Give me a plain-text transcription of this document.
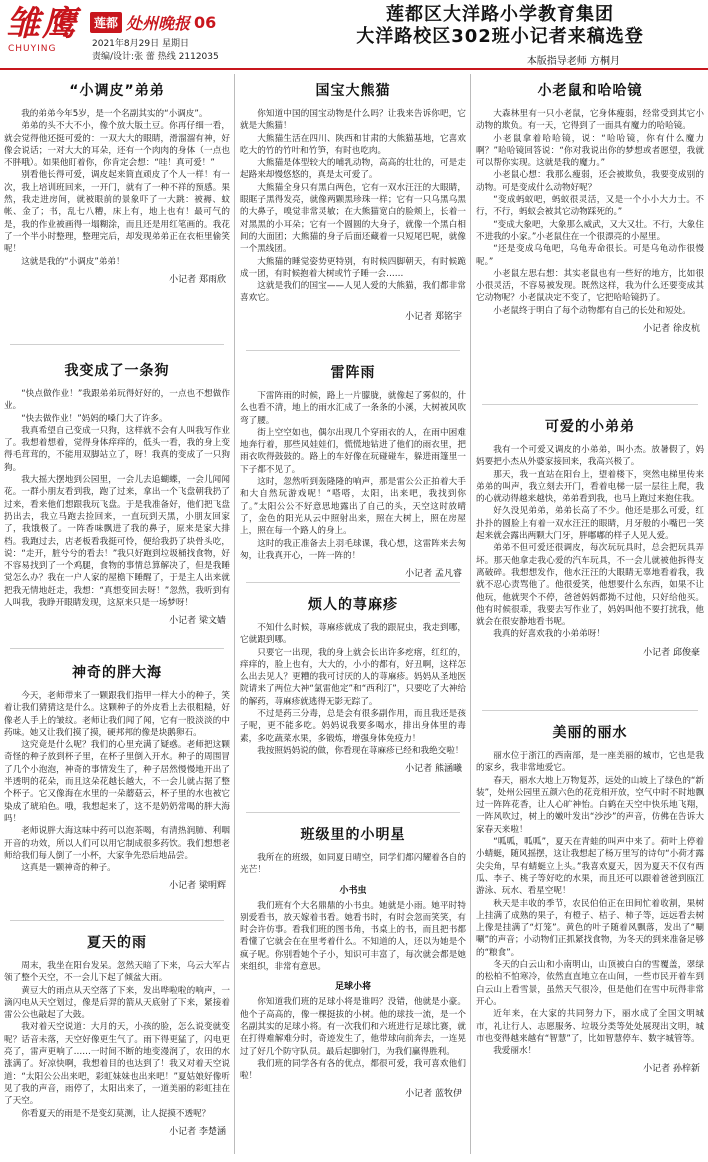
雏鹰
CHUYING
莲都 处州晚报 06
2021年8月29日 星期日
责编/设计:张 蕾 热线 2112035
莲都区大洋路小学教育集团
大洋路校区302班小记者来稿选登
本版指导老师 方桐月
“小调皮”弟弟

我的弟弟今年5岁，是一个名副其实的“小调皮”。

弟弟的头不大不小，像个放大版土豆。你再仔细一看，就会觉得他还挺可爱的：一双大大的眼睛，滑溜溜有神，好像会说话；一对大大的耳朵，还有一个肉肉的身体（一点也不胖哦）。如果他盯着你，你肯定会想：“哇！真可爱！”

别看他长得可爱，调皮起来简直顽皮了个人一样！有一次，我上培训班回来，一开门，就有了一种不祥的预感。果然，我走进房间，就被眼前的景象吓了一大跳：被褥、蚊帐、金了；书，乱七八糟，床上有，地上也有！最可气的是，我的作业被画得一塌糊涂，而且还是用红笔画的。我花了一个半小时整理，整理完后，却发现弟弟正在衣柜里偷笑呢！

这就是我的“小调皮”弟弟！

小记者 郑雨欣
我变成了一条狗

“快点做作业！”我跟弟弟玩得好好的，一点也不想做作业。

“快去做作业！”妈妈的嗓门大了许多。

我真希望自己变成一只狗，这样就不会有人叫我写作业了。我想着想着，觉得身体痒痒的，低头一看，我的身上变得毛茸茸的，不能用双脚站立了，呀！我真的变成了一只狗狗。

我大摇大摆地到公园里，一会儿去追蝴蝶，一会儿闻闻花。一群小朋友看到我，跑了过来，拿出一个飞盘朝我扔了过来，看来他们想跟我玩飞盘。于是我准备好，他们把飞盘扔出去，我立马跑去捡回来，一直玩到天黑，小朋友回家了，我饿极了。一阵香味飘进了我的鼻子，原来是家大排档。我跑过去，店老板看我挺可怜，便给我扔了块骨头吃，说：“走开，脏兮兮的看去！”我只好跑到垃圾桶找食物，好不容易找到了一个鸡腿，食物的事情总算解决了，但是我睡觉怎么办？我在一户人家的屋檐下睡醒了，于是主人出来就把我无情地赶走，我想：“真想变回去呀！”忽然，我听到有人叫我，我睁开眼睛发现，这原来只是一场梦呀！

小记者 梁文嫱
神奇的胖大海

今天，老师带来了一颗跟我们指甲一样大小的种子，笑着让我们猜猜这是什么。这颗种子的外皮看上去很粗糙，好像老人手上的皱纹。老师让我们闻了闻，它有一股淡淡的中药味。她又让我们摸了摸，硬邦邦的像是块鹅卵石。

这究竟是什么呢？我们的心里充满了疑惑。老师把这颗奇怪的种子放到杯子里，在杯子里倒入开水。种子的周围冒了几个小泡泡，神奇的事情发生了，种子居然慢慢地开出了半透明的花朵，而且这朵花越长越大，不一会儿就占据了整个杯子。它又像海在水里的一朵蘑菇云，杯子里的水也被它染成了琥珀色。哦，我想起来了，这不是奶奶常喝的胖大海吗！

老师说胖大海这味中药可以泡茶喝，有清热润肺、利咽开音的功效，所以人们可以用它制成很多药饮。我们想想老师给我们每人倒了一小杯，大家争先恐后地品尝。

这真是一颗神奇的种子。

小记者 梁明辉
夏天的雨

周末，我坐在阳台发呆。忽然天暗了下来，乌云大军占领了整个天空，不一会儿下起了倾盆大雨。

黄豆大的雨点从天空落了下来，发出哗啦啦的响声，一滴闪电从天空划过，像是后羿的箭从天底射了下来，紧接着雷公公也敲起了大鼓。

我对着天空说道：大月的天，小孩的脸，怎么说变就变呢？话音未落，天空好像更生气了。雨下得更猛了，闪电更亮了，雷声更响了……一时间不断的地变漫润了，农田的水涨满了。好凉快啊，我想着目的也达到了！我又对着天空说道：“太阳公公出来吧，彩虹妹妹也出来吧！”夏姑娘好像听见了我的声音，雨停了，太阳出来了，一道美丽的彩虹挂在了天空。

你看夏天的雨是不是变幻莫测，让人捉摸不透呢？

小记者 李楚涵
国宝大熊猫

你知道中国的国宝动物是什么吗？让我来告诉你吧，它就是大熊猫！

大熊猫生活在四川、陕西和甘肃的大熊猫基地，它喜欢吃大的竹的竹叶和竹笋，有时也吃肉。

大熊猫是体型较大的哺乳动物，高高的壮壮的，可是走起路来却慢悠悠的，真是太可爱了。

大熊猫全身只有黑白两色，它有一双水汪汪的大眼睛，眼眶子黑得发亮，就像两颗黑珍珠一样；它有一只乌黑乌黑的大鼻子，嗅觉非常灵敏；在大熊猫宽白的脸颊上，长着一对黑黑的小耳朵；它有一个圆圆的大身子，就像一个黑白相间的大面团；大熊猫的身子后面还藏着一只短尾巴呢，就像一个黑线团。

大熊猫的睡觉姿势更特别，有时候四脚朝天，有时候跪成一团，有时候抱着大树或竹子睡一会……

这就是我们的国宝——人见人爱的大熊猫，我们都非常喜欢它。

小记者 郑铭宇
雷阵雨

下雷阵雨的时候，路上一片朦胧，就像起了雾似的，什么也看不清，地上的雨水汇成了一条条的小溪，大树被风吹弯了腰。

街上空空如也，偶尔出现几个穿雨衣的人，在雨中困难地奔行着，那些风娃娃们，慌慌地钻进了他们的雨衣里，把雨衣吹得鼓鼓的。路上的车好像在玩碰碰车，躲进雨篷里一下子都不见了。

这时，忽然听到轰隆隆的响声，那是雷公公正拍着大手和大自然玩游戏呢！“嗒嗒，太阳，出来吧，我找到你了。”太阳公公不好意思地露出了自己的头，天空这时放晴了，金色的阳光从云中照射出来，照在大树上，照在房屋上，照在每一个路人的身上。

这时的我正准备去上羽毛球课，我心想，这雷阵来去匆匆，让我真开心，一阵一阵的！

小记者 孟凡睿
烦人的荨麻疹

不知什么时候，荨麻疹就成了我的跟屁虫，我走到哪，它就跟到哪。

只要它一出现，我的身上就会长出许多疙瘩，红红的，痒痒的，脸上也有，大大的，小小的都有，好丑啊，这样怎么出去见人？更糟的我可讨厌的人的荨麻疹。妈妈从圣地医院请来了两位大神“氯雷他定”和“西利汀”，只要吃了大神给的解药，荨麻疹就逃得无影无踪了。

不过是药三分毒，总是会有很多副作用，而且我还是孩子呢，更不能多吃。妈妈说我要多喝水，排出身体里的毒素，多吃蔬菜水果，多锻炼，增强身体免疫力！

我按照妈妈说的做，你看现在荨麻疹已经和我绝交啦！

小记者 熊涵曦
班级里的小明星

我所在的班级，如同夏日晴空，同学们都闪耀着各自的光芒！

小书虫

我们班有个大名鼎鼎的小书虫。她就是小雨。她平时特别爱看书，放天嫁着书看。她看书时，有时会忽而笑笑，有时会许仿事。看我们班的图书角，书桌上的书，而且把书都看懂了它就会在在里考着什么。不知道的人，还以为她是个疯子呢。你别看她个子小，知识可丰富了，每次就会都是她来组织，非常有意思。

足球小将

你知道我们班的足球小将是谁吗？没错，他就是小豪。他个子高高的，像一棵挺拔的小树。他的球技一流，是一个名副其实的足球小将。有一次我们和六班进行足球比赛，就在打得难解难分时，奇迹发生了，他带球向前奔去，一连晃过了好几个防守队员。最后起脚射门，为我们赢得胜利。

我们班的同学各有各的优点，都很可爱，我可喜欢他们啦！

小记者 蓝牧伊
小老鼠和哈哈镜

大森林里有一只小老鼠，它身体瘦弱，经常受到其它小动物的欺负。有一天，它得到了一面具有魔力的哈哈镜。

小老鼠拿着哈哈镜，说：“哈哈镜，你有什么魔力啊？”哈哈镜回答说：“你对我说出你的梦想或者愿望，我就可以帮你实现。这就是我的魔力。”

小老鼠心想：我那么瘦弱，还会被欺负，我要变成别的动物。可是变成什么动物好呢？

“变成蚂蚁吧，蚂蚁很灵活，又是一个小小大力士。不行，不行，蚂蚁会被其它动物踩死的。”

“变成大象吧，大象那么威武，又大又壮。不行，大象住不进我的小家。”小老鼠住在一个很漂亮的小屋里。

“还是变成乌龟吧，乌龟寿命很长。可是乌龟动作很慢呢。”

小老鼠左思右想：其实老鼠也有一些好的地方，比如很小很灵活，不容易被发现。既然这样，我为什么还要变成其它动物呢？小老鼠决定不变了，它把哈哈镜扔了。

小老鼠终于明白了每个动物都有自己的长处和短处。

小记者 徐皮杭
可爱的小弟弟

我有一个可爱又调皮的小弟弟，叫小杰。放暑假了，妈妈要把小杰从外婆家接回来，我高兴极了。

那天，我一直站在阳台上，望着楼下，突然电梯里传来弟弟的叫声，我立刻去开门，看着电梯一层一层往上爬，我的心就动得越来越快，弟弟看到我，也马上跑过来抱住我。

好久没见弟弟，弟弟长高了不少。他还是那么可爱，红扑扑的圆脸上有着一双水汪汪的眼睛，月牙般的小嘴巴一笑起来就会露出两颗大门牙，胖嘟嘟的样子人见人爱。

弟弟不但可爱还很调皮，每次玩玩具时，总会把玩具弄坏。那天他拿走我心爱的汽车玩具，不一会儿就被他拆得支离破碎。我想想发作，他水汪汪的大眼睛无辜地看着我，我就不忍心责骂他了。他很爱笑，他想要什么东西，如果不让他玩，他就哭个不停，爸爸妈妈都拗不过他，只好给他买。他有时候很乖，我要去写作业了，妈妈叫他不要打扰我，他就会在很安静地看书呢。

我真的好喜欢我的小弟弟呀！

小记者 邱俊豪
美丽的丽水

丽水位于浙江的西南部，是一座美丽的城市，它也是我的家乡，我非常地爱它。

春天，丽水大地上万物复苏，远处的山坡上了绿色的“新装”，处州公园里五颜六色的花竞相开放，空气中时不时地飘过一阵阵花香，让人心旷神怡。白鹤在天空中快乐地飞翔，一阵风吹过，树上的嫩叶发出“沙沙”的声音，仿佛在告诉大家春天来啦！

“呱呱，呱呱”，夏天在青蛙的叫声中来了。荷叶上停着小蜻蜓，随风摇摆，这让我想起了杨万里写的诗句“小荷才露尖尖角，早有蜻蜓立上头。”我喜欢夏天，因为夏天不仅有西瓜、李子、桃子等好吃的水果，而且还可以跟着爸爸到瓯江游泳、玩水、看星空呢！

秋天是丰收的季节，农民伯伯正在田间忙着收割，果树上挂满了成熟的果子，有橙子、桔子、柿子等，远远看去树上像是挂满了“灯笼”。黄色的叶子随着风飘落，发出了“唰唰”的声音；小动物们正抓紧找食物，为冬天的到来准备足够的“粮食”。

冬天的白云山和小南明山，山顶被白白的雪覆盖，翠绿的松柏不怕寒冷，依然直直地立在山间，一些市民开着车到白云山上看雪景，虽然天气很冷，但是他们在雪中玩得非常开心。

近年来，在大家的共同努力下，丽水成了全国文明城市，礼让行人、志愿服务、垃圾分类等处处展现出文明，城市也变得越来越有“智慧”了，比如智慧停车、数字城管等。

我爱丽水！

小记者 孙梓新
